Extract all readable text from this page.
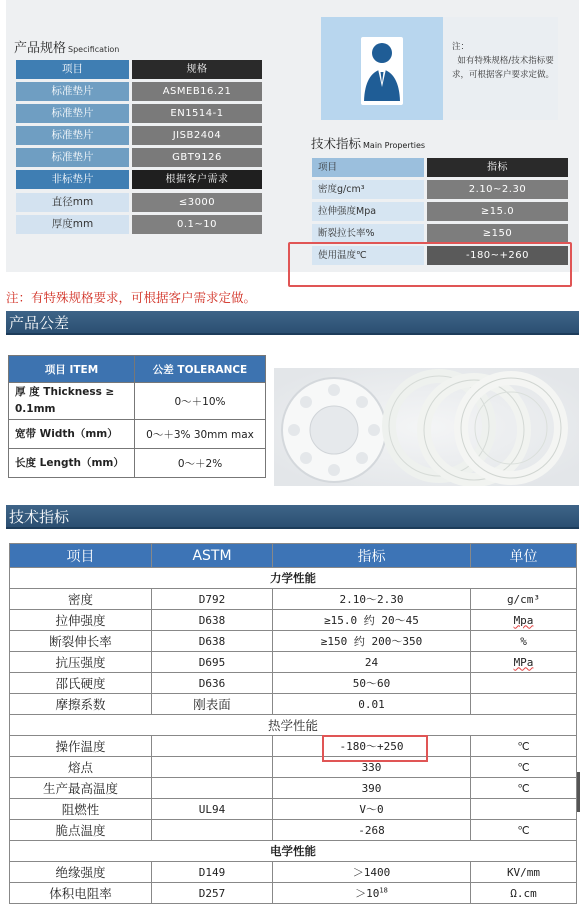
产品规格 Specification
项目	规格
标准垫片	ASMEB16.21
标准垫片	EN1514-1
标准垫片	JISB2404
标准垫片	GBT9126
非标垫片	根据客户需求
直径mm	≤3000
厚度mm	0.1~10
注：
如有特殊规格/技术指标要求，可根据客户要求定做。
技术指标 Main Properties
项目	指标
密度g/cm³	2.10~2.30
拉伸强度Mpa	≥15.0
断裂拉长率%	≥150
使用温度℃	-180~+260
注：有特殊规格要求，可根据客户需求定做。
产品公差
项目 ITEM	公差 TOLERANCE
厚 度 Thickness ≥
0.1mm	0～＋10%
宽带 Width（mm）	0～＋3% 30mm max
长度 Length（mm）	0～＋2%
技术指标
项目	ASTM	指标	单位
力学性能			
密度	D792	2.10～2.30	g/cm³
拉伸强度	D638	≥15.0 约 20～45	Mpa
断裂伸长率	D638	≥150 约 200～350	%
抗压强度	D695	24	MPa
邵氏硬度	D636	50～60	
摩擦系数	刚表面	0.01	
热学性能			
操作温度		-180～+250	℃
熔点		330	℃
生产最高温度		390	℃
阻燃性	UL94	V～0	
脆点温度		-268	℃
电学性能			
绝缘强度	D149	＞1400	KV/mm
体积电阻率	D257	$>10^{18}$	Ω.cm
